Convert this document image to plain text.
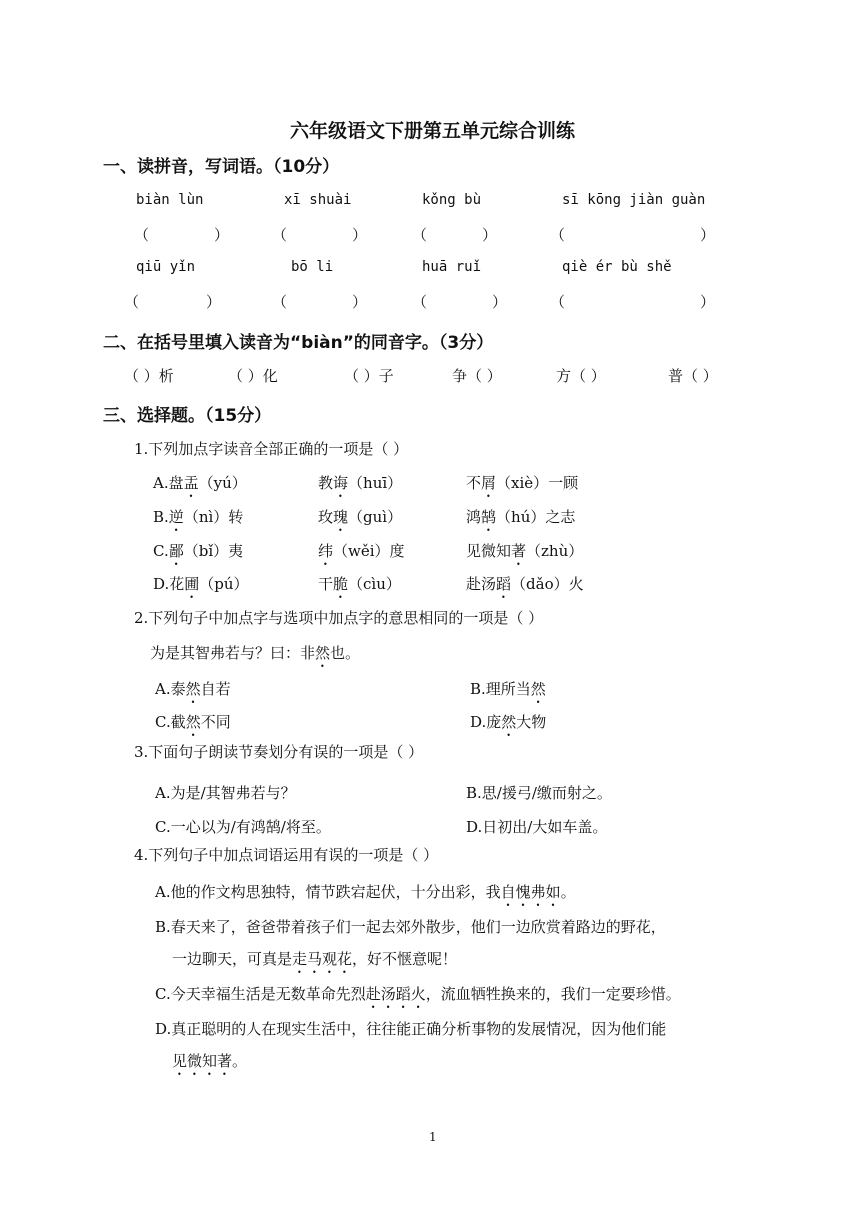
六年级语文下册第五单元综合训练
一、读拼音，写词语。（10分）
biàn lùn	xī shuài	kǒng bù	sī kōng jiàn guàn
（	）	（	）	（	）	（	）
qiū yǐn	bō li	huā ruǐ	qiè ér bù shě
（	）	（	）	（	）	（	）
二、在括号里填入读音为“biàn”的同音字。（3分）
（ ）析	（ ）化	（ ）子	争（ ）	方（ ）	普（ ）
三、选择题。（15分）
1.下列加点字读音全部正确的一项是（ ）
A.盘盂（yú）	教诲（huī）	不屑（xiè）一顾
B.逆（nì）转	玫瑰（guì）	鸿鹄（hú）之志
C.鄙（bǐ）夷	纬（wěi）度	见微知著（zhù）
D.花圃（pú）	干脆（cìu）	赴汤蹈（dǎo）火
2.下列句子中加点字与选项中加点字的意思相同的一项是（ ）
为是其智弗若与？曰：非然也。
A.泰然自若	B.理所当然
C.截然不同	D.庞然大物
3.下面句子朗读节奏划分有误的一项是（ ）
A.为是/其智弗若与？	B.思/援弓/缴而射之。
C.一心以为/有鸿鹄/将至。	D.日初出/大如车盖。
4.下列句子中加点词语运用有误的一项是（ ）
A.他的作文构思独特，情节跌宕起伏，十分出彩，我自愧弗如。
B.春天来了，爸爸带着孩子们一起去郊外散步，他们一边欣赏着路边的野花，
一边聊天，可真是走马观花，好不惬意呢！
C.今天幸福生活是无数革命先烈赴汤蹈火，流血牺牲换来的，我们一定要珍惜。
D.真正聪明的人在现实生活中，往往能正确分析事物的发展情况，因为他们能
见微知著。
1
